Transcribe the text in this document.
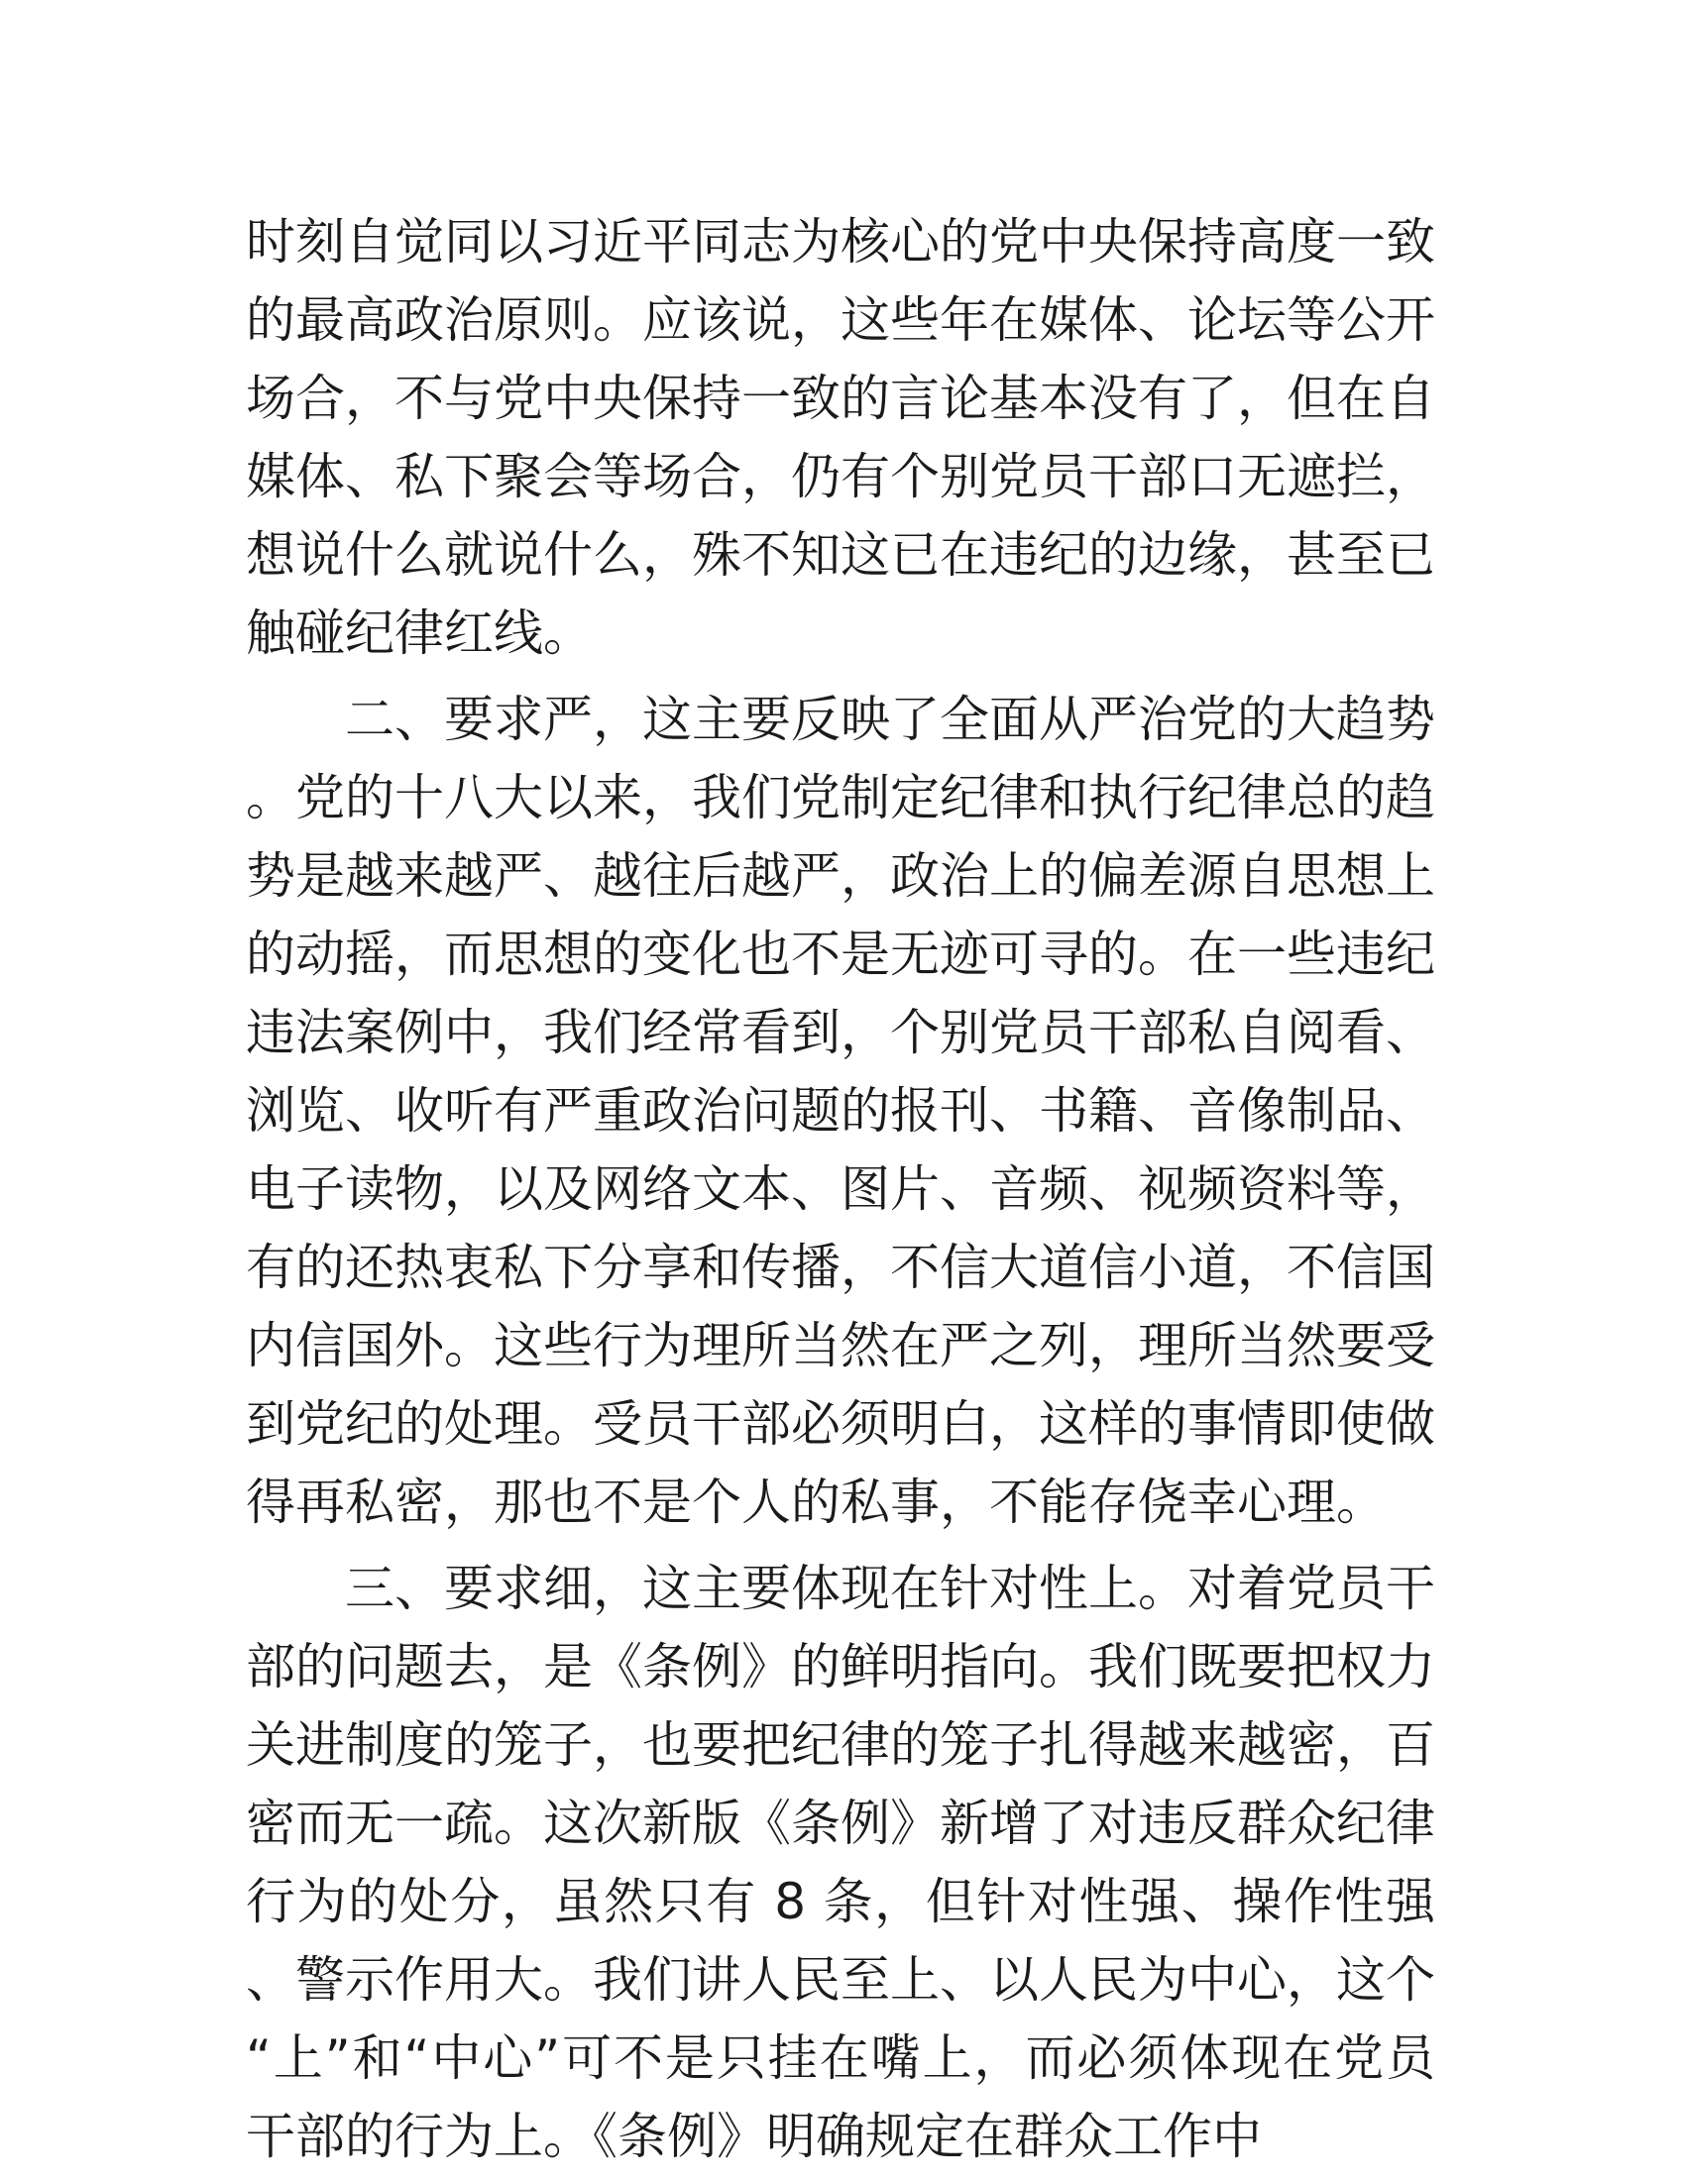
时刻自觉同以习近平同志为核心的党中央保持高度一致的最高政治原则。应该说，这些年在媒体、论坛等公开场合，不与党中央保持一致的言论基本没有了，但在自媒体、私下聚会等场合，仍有个别党员干部口无遮拦，想说什么就说什么，殊不知这已在违纪的边缘，甚至已触碰纪律红线。

二、要求严，这主要反映了全面从严治党的大趋势。党的十八大以来，我们党制定纪律和执行纪律总的趋势是越来越严、越往后越严，政治上的偏差源自思想上的动摇，而思想的变化也不是无迹可寻的。在一些违纪违法案例中，我们经常看到，个别党员干部私自阅看、浏览、收听有严重政治问题的报刊、书籍、音像制品、电子读物，以及网络文本、图片、音频、视频资料等，有的还热衷私下分享和传播，不信大道信小道，不信国内信国外。这些行为理所当然在严之列，理所当然要受到党纪的处理。受员干部必须明白，这样的事情即使做得再私密，那也不是个人的私事，不能存侥幸心理。

三、要求细，这主要体现在针对性上。对着党员干部的问题去，是《条例》的鲜明指向。我们既要把权力关进制度的笼子，也要把纪律的笼子扎得越来越密，百密而无一疏。这次新版《条例》新增了对违反群众纪律行为的处分，虽然只有 8 条，但针对性强、操作性强、警示作用大。我们讲人民至上、以人民为中心，这个“上”和“中心”可不是只挂在嘴上，而必须体现在党员干部的行为上。《条例》明确规定在群众工作中
